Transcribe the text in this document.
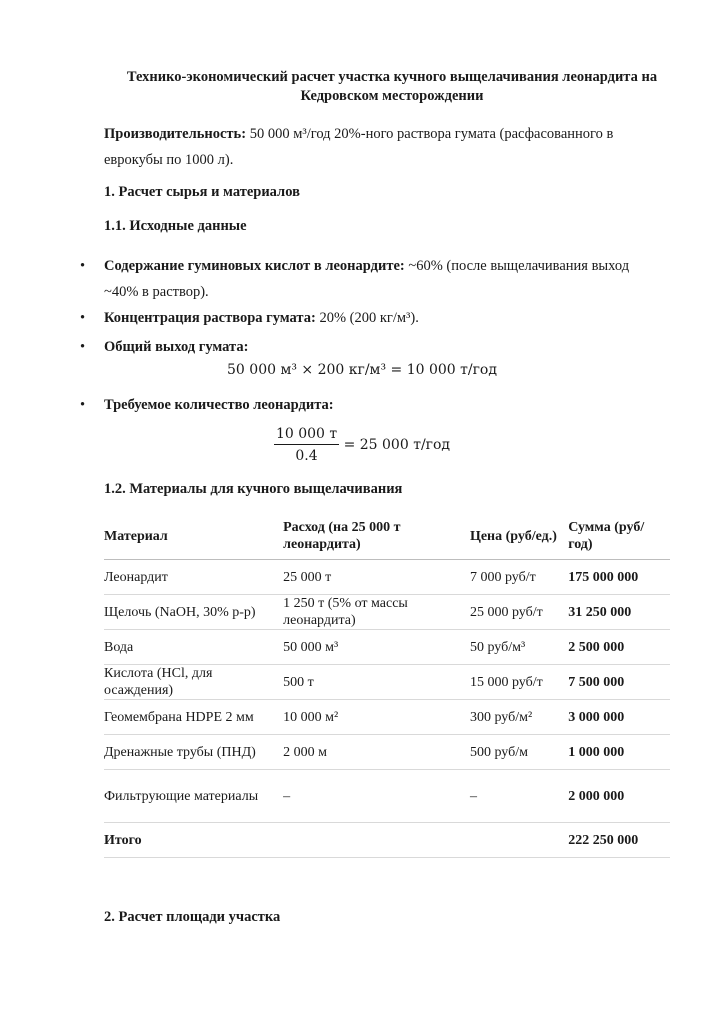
Технико-экономический расчет участка кучного выщелачивания леонардита на Кедровском месторождении
Производительность: 50 000 м³/год 20%-ного раствора гумата (расфасованного в еврокубы по 1000 л).
1. Расчет сырья и материалов
1.1. Исходные данные
•	Содержание гуминовых кислот в леонардите: ~60% (после выщелачивания выход ~40% в раствор).
•	Концентрация раствора гумата: 20% (200 кг/м³).
•	Общий выход гумата:
50 000 м³ × 200 кг/м³ = 10 000 т/год
•	Требуемое количество леонардита:
$\frac{10 000 т}{0.4} = 25$ 000 т/год
1.2. Материалы для кучного выщелачивания
Материал	Расход (на 25 000 т леонардита)	Цена (руб/ед.)	Сумма (руб/год)
Леонардит	25 000 т	7 000 руб/т	175 000 000
Щелочь (NaOH, 30% р-р)	1 250 т (5% от массы леонардита)	25 000 руб/т	31 250 000
Вода	50 000 м³	50 руб/м³	2 500 000
Кислота (HCl, для осаждения)	500 т	15 000 руб/т	7 500 000
Геомембрана HDPE 2 мм	10 000 м²	300 руб/м²	3 000 000
Дренажные трубы (ПНД)	2 000 м	500 руб/м	1 000 000
Фильтрующие материалы	–	–	2 000 000
Итого			222 250 000
2. Расчет площади участка
